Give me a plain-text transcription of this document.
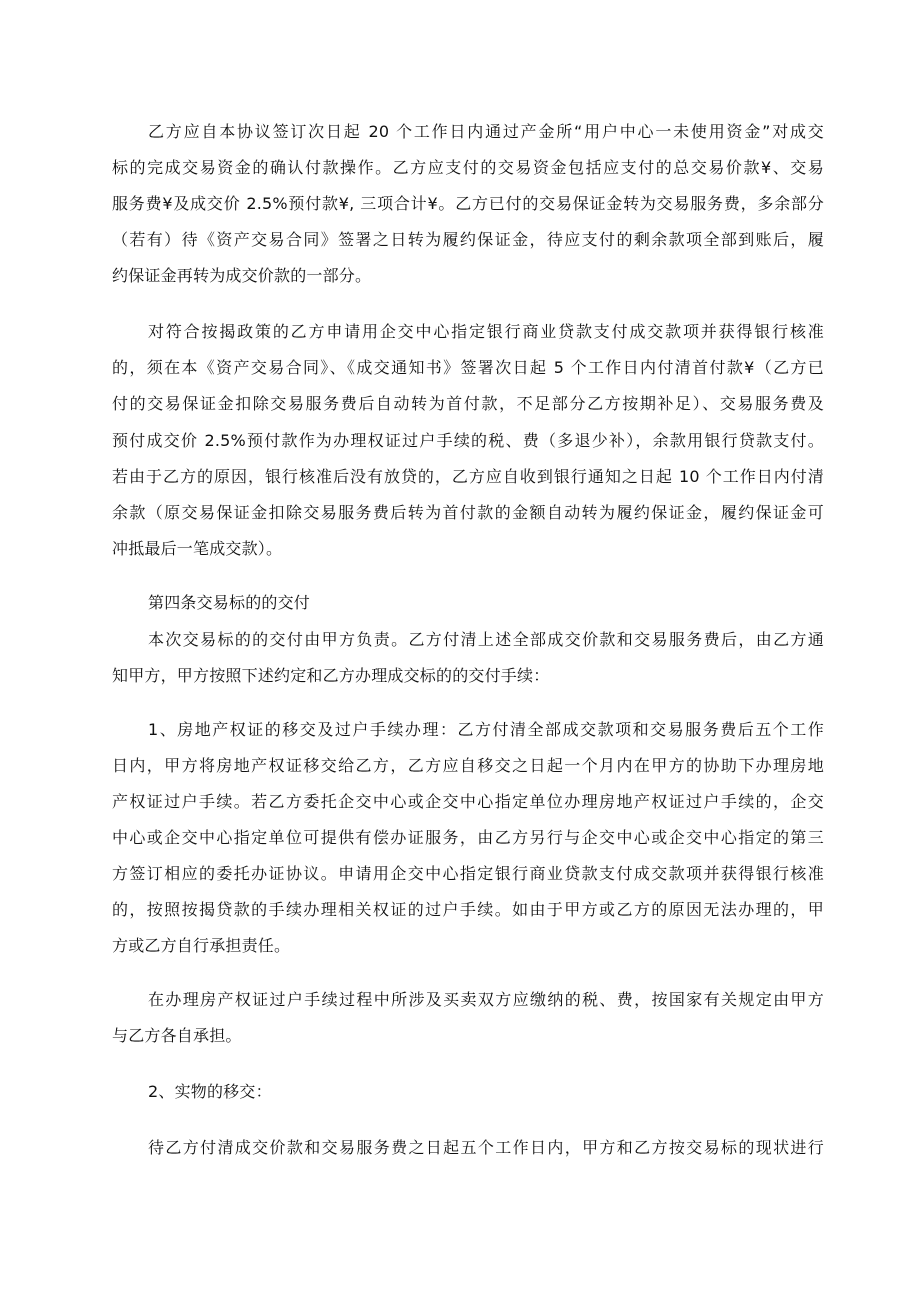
乙方应自本协议签订次日起 20 个工作日内通过产金所“用户中心一未使用资金”对成交
标的完成交易资金的确认付款操作。乙方应支付的交易资金包括应支付的总交易价款¥、交易
服务费¥及成交价 2.5%预付款¥, 三项合计¥。乙方已付的交易保证金转为交易服务费，多余部分
（若有）待《资产交易合同》签署之日转为履约保证金，待应支付的剩余款项全部到账后，履
约保证金再转为成交价款的一部分。
对符合按揭政策的乙方申请用企交中心指定银行商业贷款支付成交款项并获得银行核准
的，须在本《资产交易合同》、《成交通知书》签署次日起 5 个工作日内付清首付款¥（乙方已
付的交易保证金扣除交易服务费后自动转为首付款，不足部分乙方按期补足）、交易服务费及
预付成交价 2.5%预付款作为办理权证过户手续的税、费（多退少补），余款用银行贷款支付。
若由于乙方的原因，银行核准后没有放贷的，乙方应自收到银行通知之日起 10 个工作日内付清
余款（原交易保证金扣除交易服务费后转为首付款的金额自动转为履约保证金，履约保证金可
冲抵最后一笔成交款）。
第四条交易标的的交付
本次交易标的的交付由甲方负责。乙方付清上述全部成交价款和交易服务费后，由乙方通
知甲方，甲方按照下述约定和乙方办理成交标的的交付手续：
1、房地产权证的移交及过户手续办理：乙方付清全部成交款项和交易服务费后五个工作
日内，甲方将房地产权证移交给乙方，乙方应自移交之日起一个月内在甲方的协助下办理房地
产权证过户手续。若乙方委托企交中心或企交中心指定单位办理房地产权证过户手续的，企交
中心或企交中心指定单位可提供有偿办证服务，由乙方另行与企交中心或企交中心指定的第三
方签订相应的委托办证协议。申请用企交中心指定银行商业贷款支付成交款项并获得银行核准
的，按照按揭贷款的手续办理相关权证的过户手续。如由于甲方或乙方的原因无法办理的，甲
方或乙方自行承担责任。
在办理房产权证过户手续过程中所涉及买卖双方应缴纳的税、费，按国家有关规定由甲方
与乙方各自承担。
2、实物的移交：
待乙方付清成交价款和交易服务费之日起五个工作日内，甲方和乙方按交易标的现状进行
